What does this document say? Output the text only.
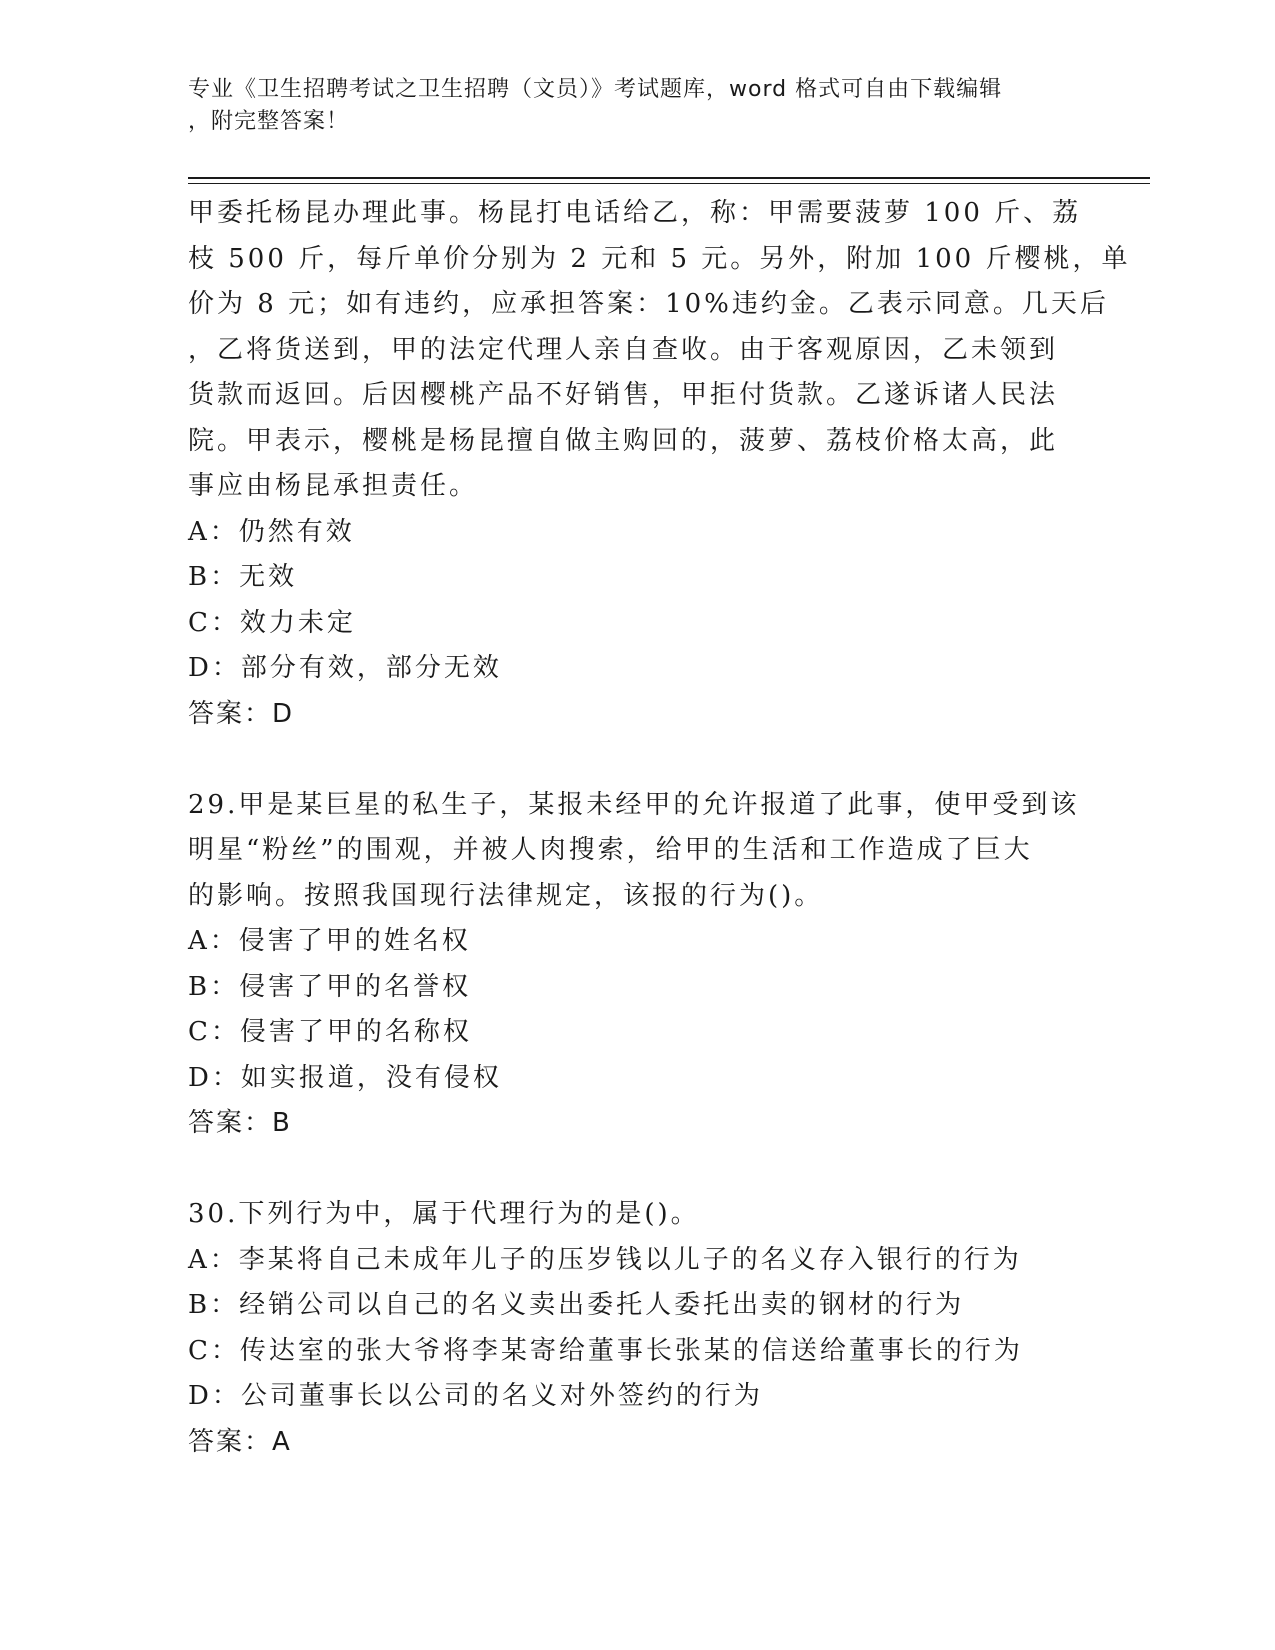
专业《卫生招聘考试之卫生招聘（文员）》考试题库，word 格式可自由下载编辑
，附完整答案！
甲委托杨昆办理此事。杨昆打电话给乙，称：甲需要菠萝 100 斤、荔
枝 500 斤，每斤单价分别为 2 元和 5 元。另外，附加 100 斤樱桃，单
价为 8 元；如有违约，应承担答案：10%违约金。乙表示同意。几天后
，乙将货送到，甲的法定代理人亲自查收。由于客观原因，乙未领到
货款而返回。后因樱桃产品不好销售，甲拒付货款。乙遂诉诸人民法
院。甲表示，樱桃是杨昆擅自做主购回的，菠萝、荔枝价格太高，此
事应由杨昆承担责任。
A：仍然有效
B：无效
C：效力未定
D：部分有效，部分无效
答案：D
29.甲是某巨星的私生子，某报未经甲的允许报道了此事，使甲受到该
明星“粉丝”的围观，并被人肉搜索，给甲的生活和工作造成了巨大
的影响。按照我国现行法律规定，该报的行为()。
A：侵害了甲的姓名权
B：侵害了甲的名誉权
C：侵害了甲的名称权
D：如实报道，没有侵权
答案：B
30.下列行为中，属于代理行为的是()。
A：李某将自己未成年儿子的压岁钱以儿子的名义存入银行的行为
B：经销公司以自己的名义卖出委托人委托出卖的钢材的行为
C：传达室的张大爷将李某寄给董事长张某的信送给董事长的行为
D：公司董事长以公司的名义对外签约的行为
答案：A
